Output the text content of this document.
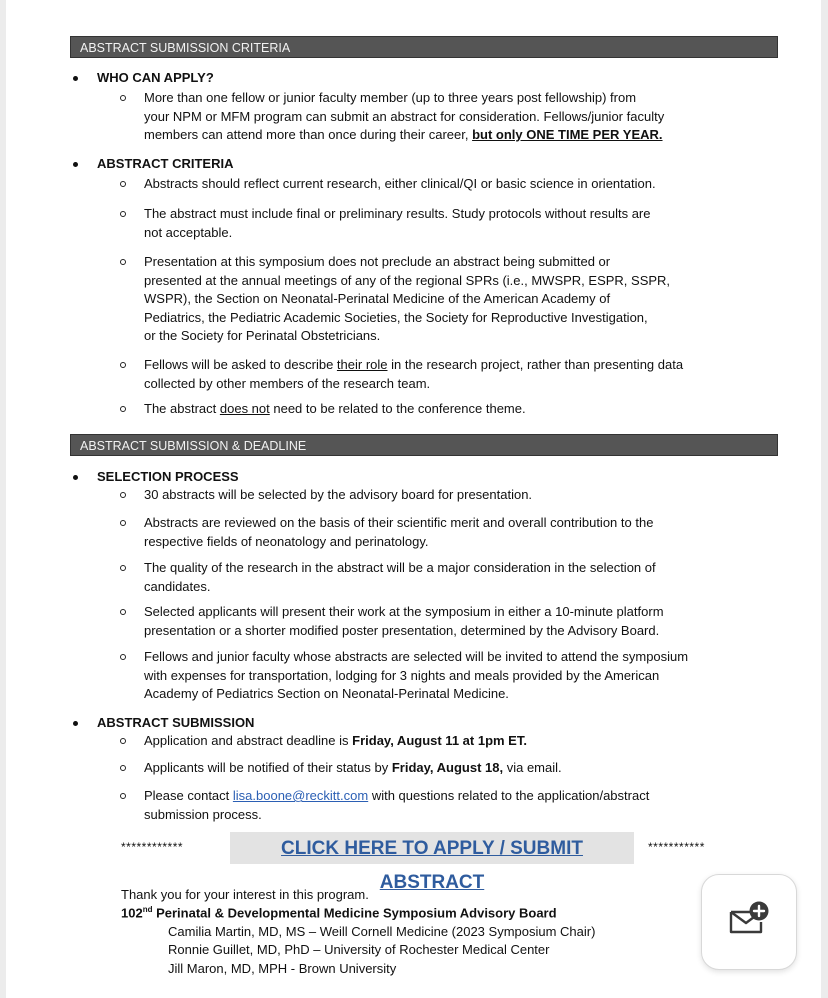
ABSTRACT SUBMISSION CRITERIA
WHO CAN APPLY?
More than one fellow or junior faculty member (up to three years post fellowship) from
your NPM or MFM program can submit an abstract for consideration. Fellows/junior faculty
members can attend more than once during their career, but only ONE TIME PER YEAR.
ABSTRACT CRITERIA
Abstracts should reflect current research, either clinical/QI or basic science in orientation.
The abstract must include final or preliminary results. Study protocols without results are
not acceptable.
Presentation at this symposium does not preclude an abstract being submitted or
presented at the annual meetings of any of the regional SPRs (i.e., MWSPR, ESPR, SSPR,
WSPR), the Section on Neonatal-Perinatal Medicine of the American Academy of
Pediatrics, the Pediatric Academic Societies, the Society for Reproductive Investigation,
or the Society for Perinatal Obstetricians.
Fellows will be asked to describe their role in the research project, rather than presenting data
collected by other members of the research team.
The abstract does not need to be related to the conference theme.
ABSTRACT SUBMISSION & DEADLINE
SELECTION PROCESS
30 abstracts will be selected by the advisory board for presentation.
Abstracts are reviewed on the basis of their scientific merit and overall contribution to the
respective fields of neonatology and perinatology.
The quality of the research in the abstract will be a major consideration in the selection of
candidates.
Selected applicants will present their work at the symposium in either a 10-minute platform
presentation or a shorter modified poster presentation, determined by the Advisory Board.
Fellows and junior faculty whose abstracts are selected will be invited to attend the symposium
with expenses for transportation, lodging for 3 nights and meals provided by the American
Academy of Pediatrics Section on Neonatal-Perinatal Medicine.
ABSTRACT SUBMISSION
Application and abstract deadline is Friday, August 11 at 1pm ET.
Applicants will be notified of their status by Friday, August 18, via email.
Please contact lisa.boone@reckitt.com with questions related to the application/abstract
submission process.
************	CLICK HERE TO APPLY / SUBMIT ABSTRACT
***********
Thank you for your interest in this program.
102nd Perinatal & Developmental Medicine Symposium Advisory Board
Camilia Martin, MD, MS – Weill Cornell Medicine (2023 Symposium Chair)
Ronnie Guillet, MD, PhD – University of Rochester Medical Center
Jill Maron, MD, MPH - Brown University
